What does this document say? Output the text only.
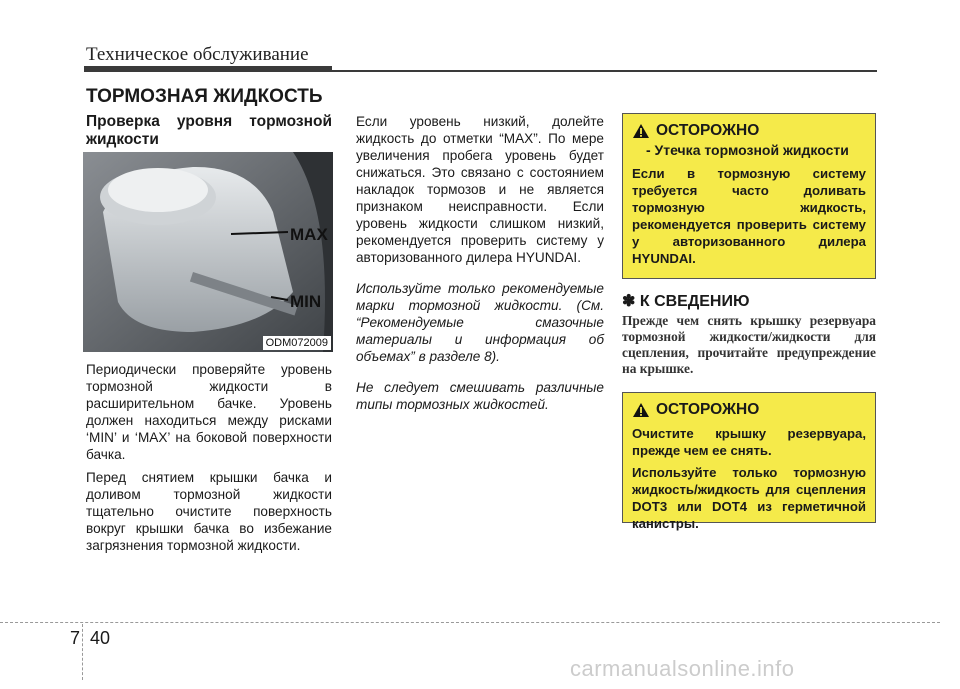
Техническое обслуживание
ТОРМОЗНАЯ ЖИДКОСТЬ
Проверка уровня тормозной жидкости
MAX
MIN
ODM072009

Периодически проверяйте уровень тормозной жидкости в расширительном бачке. Уровень должен находиться между рисками ‘MIN’ и ‘MAX’ на боковой поверхности бачка.

Перед снятием крышки бачка и доливом тормозной жидкости тщательно очистите поверхность вокруг крышки бачка во избежание загрязнения тормозной жидкости.

Если уровень низкий, долейте жидкость до отметки “MAX”. По мере увеличения пробега уровень будет снижаться. Это связано с состоянием накладок тормозов и не является признаком неисправности. Если уровень жидкости слишком низкий, рекомендуется проверить систему у авторизованного дилера HYUNDAI.

Используйте только рекомендуемые марки тормозной жидкости. (См. “Рекомендуемые смазочные материалы и информация об объемах” в разделе 8).

Не следует смешивать различные типы тормозных жидкостей.

ОСТОРОЖНО
- Утечка тормозной жидкости

Если в тормозную систему требуется часто доливать тормозную жидкость, рекомендуется проверить систему у авторизованного дилера HYUNDAI.

✽ К СВЕДЕНИЮ
Прежде чем снять крышку резервуара тормозной жидкости/жидкости для сцепления, прочитайте предупреждение на крышке.
ОСТОРОЖНО

Очистите крышку резервуара, прежде чем ее снять.

Используйте только тормозную жидкость/жидкость для сцепления DOT3 или DOT4 из герметичной канистры.

7 40
carmanualsonline.info
